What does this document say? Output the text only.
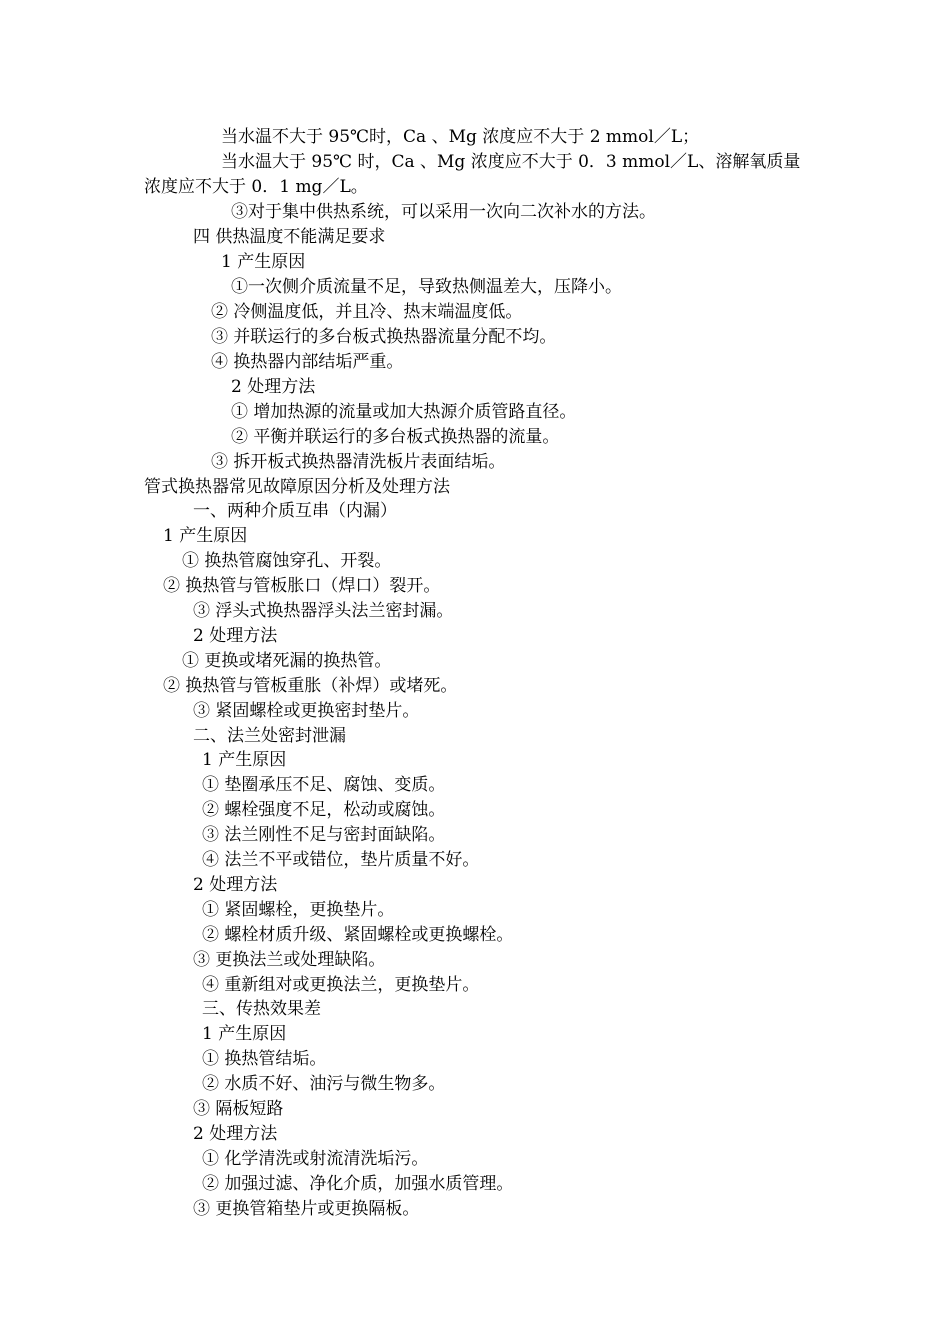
当水温不大于 95℃时，Ca 、Mg 浓度应不大于 2 mmol／L；
当水温大于 95℃ 时，Ca 、Mg 浓度应不大于 0．3 mmol／L、溶解氧质量
浓度应不大于 0．1 mg／L。
③对于集中供热系统，可以采用一次向二次补水的方法。
四 供热温度不能满足要求
1 产生原因
①一次侧介质流量不足，导致热侧温差大，压降小。
② 冷侧温度低，并且冷、热末端温度低。
③ 并联运行的多台板式换热器流量分配不均。
④ 换热器内部结垢严重。
2 处理方法
① 增加热源的流量或加大热源介质管路直径。
② 平衡并联运行的多台板式换热器的流量。
③ 拆开板式换热器清洗板片表面结垢。
管式换热器常见故障原因分析及处理方法
一、两种介质互串（内漏）
1 产生原因
① 换热管腐蚀穿孔、开裂。
② 换热管与管板胀口（焊口）裂开。
③ 浮头式换热器浮头法兰密封漏。
2 处理方法
① 更换或堵死漏的换热管。
② 换热管与管板重胀（补焊）或堵死。
③ 紧固螺栓或更换密封垫片。
二、法兰处密封泄漏
1 产生原因
① 垫圈承压不足、腐蚀、变质。
② 螺栓强度不足，松动或腐蚀。
③ 法兰刚性不足与密封面缺陷。
④ 法兰不平或错位，垫片质量不好。
2 处理方法
① 紧固螺栓，更换垫片。
② 螺栓材质升级、紧固螺栓或更换螺栓。
③ 更换法兰或处理缺陷。
④ 重新组对或更换法兰，更换垫片。
三、传热效果差
1 产生原因
① 换热管结垢。
② 水质不好、油污与微生物多。
③ 隔板短路
2 处理方法
① 化学清洗或射流清洗垢污。
② 加强过滤、净化介质，加强水质管理。
③ 更换管箱垫片或更换隔板。
